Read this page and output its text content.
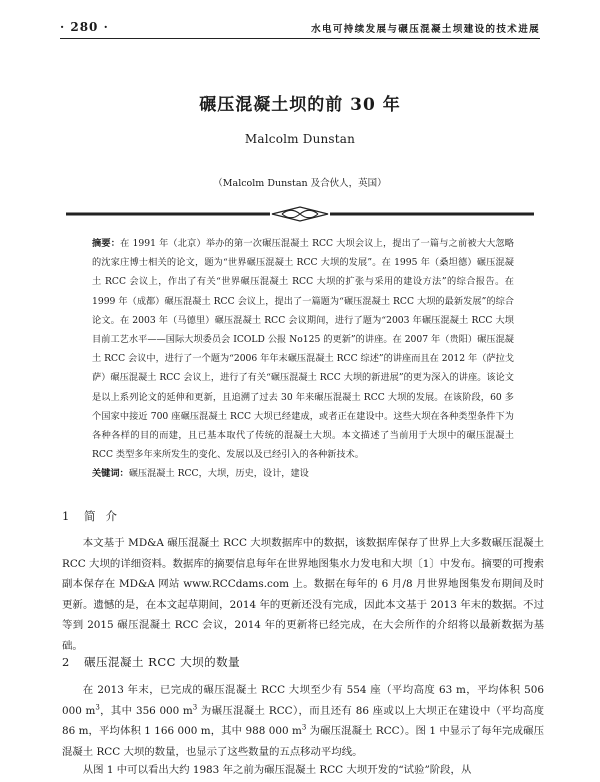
· 280 ·	水电可持续发展与碾压混凝土坝建设的技术进展
碾压混凝土坝的前 30 年
Malcolm Dunstan
（Malcolm Dunstan 及合伙人，英国）
摘要：在 1991 年（北京）举办的第一次碾压混凝土 RCC 大坝会议上，提出了一篇与之前被大大忽略的沈家庄博士相关的论文，题为“世界碾压混凝土 RCC 大坝的发展”。在 1995 年（桑坦德）碾压混凝土 RCC 会议上，作出了有关“世界碾压混凝土 RCC 大坝的扩张与采用的建设方法”的综合报告。在 1999 年（成都）碾压混凝土 RCC 会议上，提出了一篇题为“碾压混凝土 RCC 大坝的最新发展”的综合论文。在 2003 年（马德里）碾压混凝土 RCC 会议期间，进行了题为“2003 年碾压混凝土 RCC 大坝目前工艺水平——国际大坝委员会 ICOLD 公报 No125 的更新”的讲座。在 2007 年（贵阳）碾压混凝土 RCC 会议中，进行了一个题为“2006 年年末碾压混凝土 RCC 综述”的讲座而且在 2012 年（萨拉戈萨）碾压混凝土 RCC 会议上，进行了有关“碾压混凝土 RCC 大坝的新进展”的更为深入的讲座。该论文是以上系列论文的延伸和更新，且追溯了过去 30 年来碾压混凝土 RCC 大坝的发展。在该阶段，60 多个国家中接近 700 座碾压混凝土 RCC 大坝已经建成，或者正在建设中。这些大坝在各种类型条件下为各种各样的目的而建，且已基本取代了传统的混凝土大坝。本文描述了当前用于大坝中的碾压混凝土 RCC 类型多年来所发生的变化、发展以及已经引入的各种新技术。
关键词：碾压混凝土 RCC，大坝，历史，设计，建设
1 简介

本文基于 MD&A 碾压混凝土 RCC 大坝数据库中的数据，该数据库保存了世界上大多数碾压混凝土 RCC 大坝的详细资料。数据库的摘要信息每年在世界地图集水力发电和大坝〔1〕中发布。摘要的可搜索副本保存在 MD&A 网站 www.RCCdams.com 上。数据在每年的 6 月/8 月世界地图集发布期间及时更新。遗憾的是，在本文起草期间，2014 年的更新还没有完成，因此本文基于 2013 年末的数据。不过等到 2015 碾压混凝土 RCC 会议，2014 年的更新将已经完成，在大会所作的介绍将以最新数据为基础。

2 碾压混凝土 RCC 大坝的数量

在 2013 年末，已完成的碾压混凝土 RCC 大坝至少有 554 座（平均高度 63 m，平均体积 506 000 $m^3$，其中 356 000 $m^3$ 为碾压混凝土 RCC），而且还有 86 座或以上大坝正在建设中（平均高度 86 m，平均体积 1 166 000 m，其中 988 000 $m^3$ 为碾压混凝土 RCC）。图 1 中显示了每年完成碾压混凝土 RCC 大坝的数量，也显示了这些数量的五点移动平均线。

从图 1 中可以看出大约 1983 年之前为碾压混凝土 RCC 大坝开发的“试验”阶段，从
